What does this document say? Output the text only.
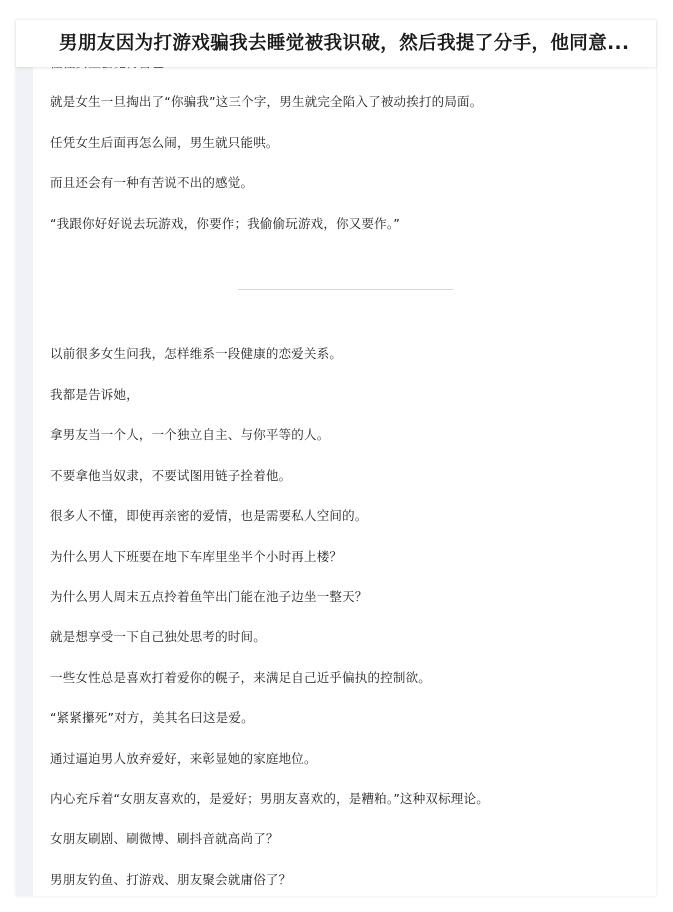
就是女生一旦掏出了“你骗我”这三个字，男生就完全陷入了被动挨打的局面。

任凭女生后面再怎么闹，男生就只能哄。

而且还会有一种有苦说不出的感觉。

“我跟你好好说去玩游戏，你要作；我偷偷玩游戏，你又要作。”

以前很多女生问我，怎样维系一段健康的恋爱关系。

我都是告诉她，

拿男友当一个人，一个独立自主、与你平等的人。

不要拿他当奴隶，不要试图用链子拴着他。

很多人不懂，即使再亲密的爱情，也是需要私人空间的。

为什么男人下班要在地下车库里坐半个小时再上楼？

为什么男人周末五点拎着鱼竿出门能在池子边坐一整天？

就是想享受一下自己独处思考的时间。

一些女性总是喜欢打着爱你的幌子，来满足自己近乎偏执的控制欲。

“紧紧攥死”对方，美其名曰这是爱。

通过逼迫男人放弃爱好，来彰显她的家庭地位。

内心充斥着“女朋友喜欢的，是爱好；男朋友喜欢的，是糟粕。”这种双标理论。

女朋友刷剧、刷微博、刷抖音就高尚了？

男朋友钓鱼、打游戏、朋友聚会就庸俗了？

男朋友因为打游戏骗我去睡觉被我识破，然后我提了分手，他同意...
